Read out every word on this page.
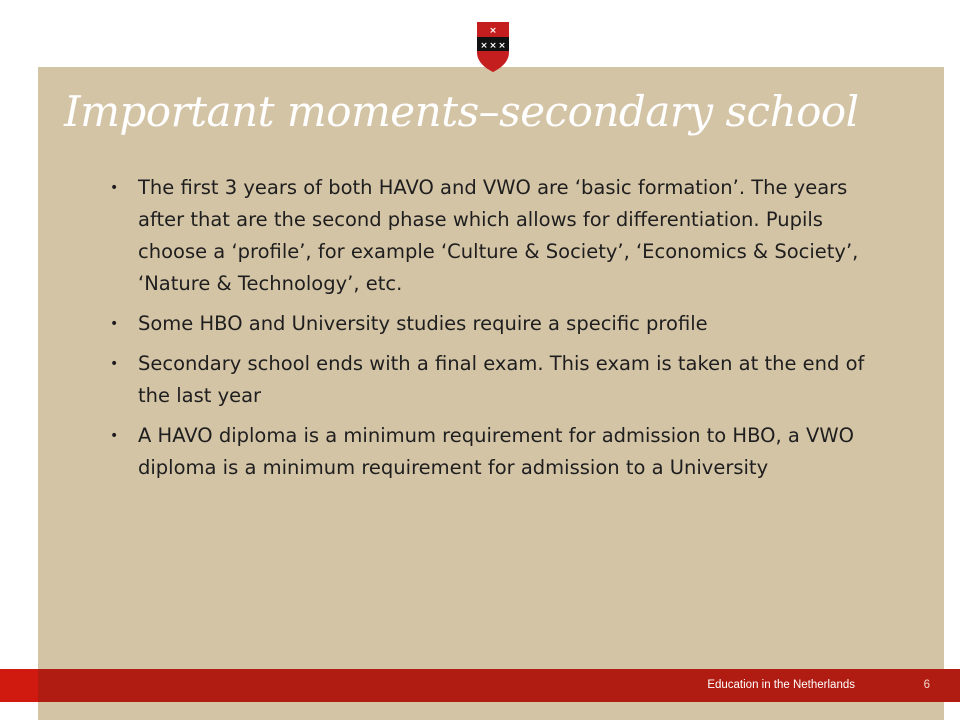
×
× × ×
Important moments–secondary school
• The first 3 years of both HAVO and VWO are ‘basic formation’. The years after that are the second phase which allows for differentiation. Pupils choose a ‘profile’, for example ‘Culture & Society’, ‘Economics & Society’, ‘Nature & Technology’, etc.
• Some HBO and University studies require a specific profile
• Secondary school ends with a final exam. This exam is taken at the end of the last year
• A HAVO diploma is a minimum requirement for admission to HBO, a VWO diploma is a minimum requirement for admission to a University
Education in the Netherlands	6
